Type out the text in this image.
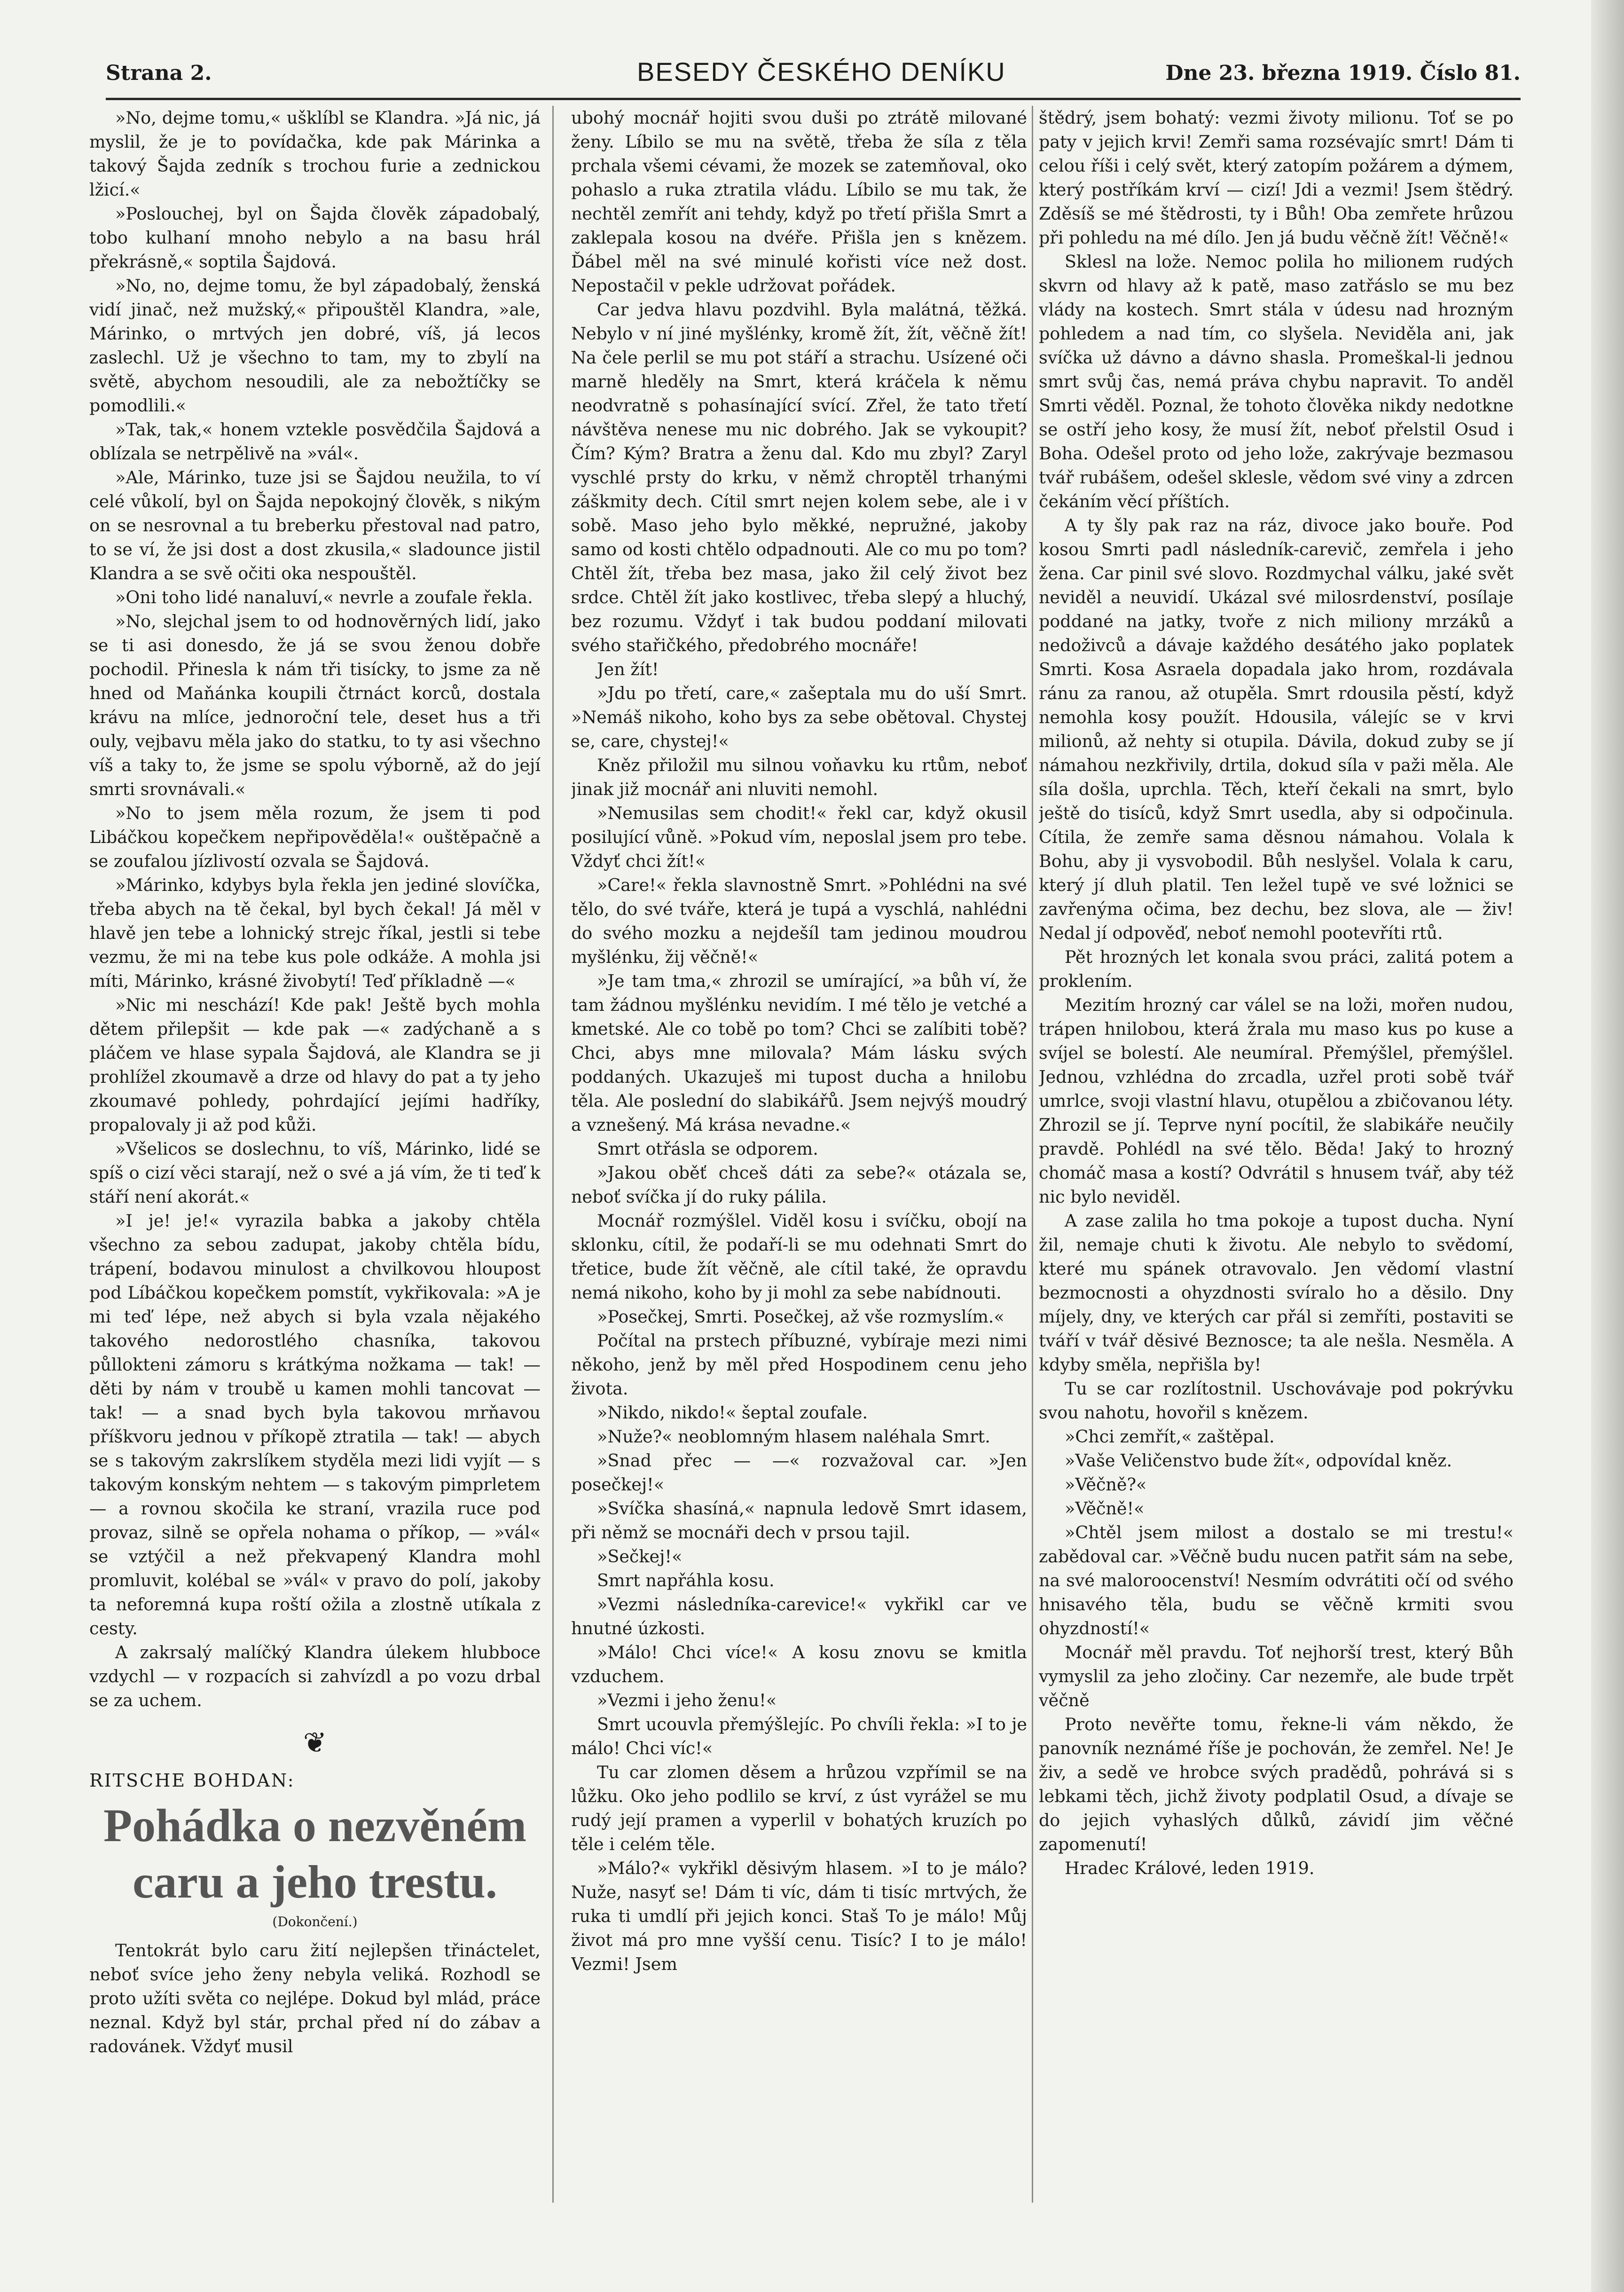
Strana 2.	BESEDY ČESKÉHO DENÍKU	Dne 23. března 1919. Číslo 81.

»No, dejme tomu,« ušklíbl se Klandra. »Já nic, já myslil, že je to povídačka, kde pak Márinka a takový Šajda zedník s trochou furie a zednickou lžicí.«

»Poslouchej, byl on Šajda člověk západobalý, tobo kulhaní mnoho nebylo a na basu hrál překrásně,« soptila Šajdová.

»No, no, dejme tomu, že byl západobalý, ženská vidí jinač, než mužský,« připouštěl Klandra, »ale, Márinko, o mrtvých jen dobré, víš, já lecos zaslechl. Už je všechno to tam, my to zbylí na světě, abychom nesoudili, ale za nebožtíčky se pomodlili.«

»Tak, tak,« honem vztekle posvědčila Šajdová a oblízala se netrpělivě na »vál«.

»Ale, Márinko, tuze jsi se Šajdou neužila, to ví celé vůkolí, byl on Šajda nepokojný člověk, s nikým on se nesrovnal a tu breberku přestoval nad patro, to se ví, že jsi dost a dost zkusila,« sladounce jistil Klandra a se svě očiti oka nespouštěl.

»Oni toho lidé nanaluví,« nevrle a zoufale řekla.

»No, slejchal jsem to od hodnověrných lidí, jako se ti asi donesdo, že já se svou ženou dobře pochodil. Přinesla k nám tři tisícky, to jsme za ně hned od Maňánka koupili čtrnáct korců, dostala krávu na mlíce, jednoroční tele, deset hus a tři ouly, vejbavu měla jako do statku, to ty asi všechno víš a taky to, že jsme se spolu výborně, až do její smrti srovnávali.«

»No to jsem měla rozum, že jsem ti pod Libáčkou kopečkem nepřipověděla!« ouštěpačně a se zoufalou jízlivostí ozvala se Šajdová.

»Márinko, kdybys byla řekla jen jediné slovíčka, třeba abych na tě čekal, byl bych čekal! Já měl v hlavě jen tebe a lohnický strejc říkal, jestli si tebe vezmu, že mi na tebe kus pole odkáže. A mohla jsi míti, Márinko, krásné živobytí! Teď příkladně —«

»Nic mi neschází! Kde pak! Ještě bych mohla dětem přilepšit — kde pak —« zadýchaně a s pláčem ve hlase sypala Šajdová, ale Klandra se ji prohlížel zkoumavě a drze od hlavy do pat a ty jeho zkoumavé pohledy, pohrdající jejími hadříky, propalovaly ji až pod kůži.

»Všelicos se doslechnu, to víš, Márinko, lidé se spíš o cizí věci starají, než o své a já vím, že ti teď k stáří není akorát.«

»I je! je!« vyrazila babka a jakoby chtěla všechno za sebou zadupat, jakoby chtěla bídu, trápení, bodavou minulost a chvilkovou hloupost pod Líbáčkou kopečkem pomstít, vykřikovala: »A je mi teď lépe, než abych si byla vzala nějakého takového nedorostlého chasníka, takovou půllokteni zámoru s krátkýma nožkama — tak! — děti by nám v troubě u kamen mohli tancovat — tak! — a snad bych byla takovou mrňavou příškvoru jednou v příkopě ztratila — tak! — abych se s takovým zakrslíkem styděla mezi lidi vyjít — s takovým konským nehtem — s takovým pimprletem — a rovnou skočila ke straní, vrazila ruce pod provaz, silně se opřela nohama o příkop, — »vál« se vztýčil a než překvapený Klandra mohl promluvit, kolébal se »vál« v pravo do polí, jakoby ta neforemná kupa roští ožila a zlostně utíkala z cesty.

A zakrsalý malíčký Klandra úlekem hlubboce vzdychl — v rozpacích si zahvízdl a po vozu drbal se za uchem.

❦
RITSCHE BOHDAN:
Pohádka o nezvěném caru a jeho trestu.
(Dokončení.)

Tentokrát bylo caru žití nejlepšen třináctelet, neboť svíce jeho ženy nebyla veliká. Rozhodl se proto užíti světa co nejlépe. Dokud byl mlád, práce neznal. Když byl stár, prchal před ní do zábav a radovánek. Vždyť musil

ubohý mocnář hojiti svou duši po ztrátě milované ženy. Líbilo se mu na světě, třeba že síla z těla prchala všemi cévami, že mozek se zatemňoval, oko pohaslo a ruka ztratila vládu. Líbilo se mu tak, že nechtěl zemřít ani tehdy, když po třetí přišla Smrt a zaklepala kosou na dvéře. Přišla jen s knězem. Ďábel měl na své minulé kořisti více než dost. Nepostačil v pekle udržovat pořádek.

Car jedva hlavu pozdvihl. Byla malátná, těžká. Nebylo v ní jiné myšlénky, kromě žít, žít, věčně žít! Na čele perlil se mu pot stáří a strachu. Usízené oči marně hleděly na Smrt, která kráčela k němu neodvratně s pohasínající svící. Zřel, že tato třetí návštěva nenese mu nic dobrého. Jak se vykoupit? Čím? Kým? Bratra a ženu dal. Kdo mu zbyl? Zaryl vyschlé prsty do krku, v němž chroptěl trhanými záškmity dech. Cítil smrt nejen kolem sebe, ale i v sobě. Maso jeho bylo měkké, nepružné, jakoby samo od kosti chtělo odpadnouti. Ale co mu po tom? Chtěl žít, třeba bez masa, jako žil celý život bez srdce. Chtěl žít jako kostlivec, třeba slepý a hluchý, bez rozumu. Vždyť i tak budou poddaní milovati svého stařičkého, předobrého mocnáře!

Jen žít!

»Jdu po třetí, care,« zašeptala mu do uší Smrt. »Nemáš nikoho, koho bys za sebe obětoval. Chystej se, care, chystej!«

Kněz přiložil mu silnou voňavku ku rtům, neboť jinak již mocnář ani nluviti nemohl.

»Nemusilas sem chodit!« řekl car, když okusil posilující vůně. »Pokud vím, neposlal jsem pro tebe. Vždyť chci žít!«

»Care!« řekla slavnostně Smrt. »Pohlédni na své tělo, do své tváře, která je tupá a vyschlá, nahlédni do svého mozku a nejdešíl tam jedinou moudrou myšlénku, žij věčně!«

»Je tam tma,« zhrozil se umírající, »a bůh ví, že tam žádnou myšlénku nevidím. I mé tělo je vetché a kmetské. Ale co tobě po tom? Chci se zalíbiti tobě? Chci, abys mne milovala? Mám lásku svých poddaných. Ukazuješ mi tupost ducha a hnilobu těla. Ale poslední do slabikářů. Jsem nejvýš moudrý a vznešený. Má krása nevadne.«

Smrt otřásla se odporem.

»Jakou oběť chceš dáti za sebe?« otázala se, neboť svíčka jí do ruky pálila.

Mocnář rozmýšlel. Viděl kosu i svíčku, obojí na sklonku, cítil, že podaří-li se mu odehnati Smrt do třetice, bude žít věčně, ale cítil také, že opravdu nemá nikoho, koho by ji mohl za sebe nabídnouti.

»Posečkej, Smrti. Posečkej, až vše rozmyslím.«

Počítal na prstech příbuzné, vybíraje mezi nimi někoho, jenž by měl před Hospodinem cenu jeho života.

»Nikdo, nikdo!« šeptal zoufale.

»Nuže?« neoblomným hlasem naléhala Smrt.

»Snad přec — —« rozvažoval car. »Jen posečkej!«

»Svíčka shasíná,« napnula ledově Smrt idasem, při němž se mocnáři dech v prsou tajil.

»Sečkej!«

Smrt napřáhla kosu.

»Vezmi následníka-carevice!« vykřikl car ve hnutné úzkosti.

»Málo! Chci více!« A kosu znovu se kmitla vzduchem.

»Vezmi i jeho ženu!«

Smrt ucouvla přemýšlejíc. Po chvíli řekla: »I to je málo! Chci víc!«

Tu car zlomen děsem a hrůzou vzpřímil se na lůžku. Oko jeho podlilo se krví, z úst vyrážel se mu rudý její pramen a vyperlil v bohatých kruzích po těle i celém těle.

»Málo?« vykřikl děsivým hlasem. »I to je málo? Nuže, nasyť se! Dám ti víc, dám ti tisíc mrtvých, že ruka ti umdlí při jejich konci. Staš To je málo! Můj život má pro mne vyšší cenu. Tisíc? I to je málo! Vezmi! Jsem

štědrý, jsem bohatý: vezmi životy milionu. Toť se po paty v jejich krvi! Zemři sama rozsévajíc smrt! Dám ti celou říši i celý svět, který zatopím požárem a dýmem, který postříkám krví — cizí! Jdi a vezmi! Jsem štědrý. Zděsíš se mé štědrosti, ty i Bůh! Oba zemřete hrůzou při pohledu na mé dílo. Jen já budu věčně žít! Věčně!«

Sklesl na lože. Nemoc polila ho milionem rudých skvrn od hlavy až k patě, maso zatřáslo se mu bez vlády na kostech. Smrt stála v údesu nad hrozným pohledem a nad tím, co slyšela. Neviděla ani, jak svíčka už dávno a dávno shasla. Promeškal-li jednou smrt svůj čas, nemá práva chybu napravit. To anděl Smrti věděl. Poznal, že tohoto člověka nikdy nedotkne se ostří jeho kosy, že musí žít, neboť přelstil Osud i Boha. Odešel proto od jeho lože, zakrývaje bezmasou tvář rubášem, odešel sklesle, vědom své viny a zdrcen čekáním věcí příštích.

A ty šly pak raz na ráz, divoce jako bouře. Pod kosou Smrti padl následník-carevič, zemřela i jeho žena. Car pinil své slovo. Rozdmychal válku, jaké svět neviděl a neuvidí. Ukázal své milosrdenství, posílaje poddané na jatky, tvoře z nich miliony mrzáků a nedoživců a dávaje každého desátého jako poplatek Smrti. Kosa Asraela dopadala jako hrom, rozdávala ránu za ranou, až otupěla. Smrt rdousila pěstí, když nemohla kosy použít. Hdousila, válejíc se v krvi milionů, až nehty si otupila. Dávila, dokud zuby se jí námahou nezkřivily, drtila, dokud síla v paži měla. Ale síla došla, uprchla. Těch, kteří čekali na smrt, bylo ještě do tisíců, když Smrt usedla, aby si odpočinula. Cítila, že zemře sama děsnou námahou. Volala k Bohu, aby ji vysvobodil. Bůh neslyšel. Volala k caru, který jí dluh platil. Ten ležel tupě ve své ložnici se zavřenýma očima, bez dechu, bez slova, ale — živ! Nedal jí odpověď, neboť nemohl pootevříti rtů.

Pět hrozných let konala svou práci, zalitá potem a proklením.

Mezitím hrozný car válel se na loži, mořen nudou, trápen hnilobou, která žrala mu maso kus po kuse a svíjel se bolestí. Ale neumíral. Přemýšlel, přemýšlel. Jednou, vzhlédna do zrcadla, uzřel proti sobě tvář umrlce, svoji vlastní hlavu, otupělou a zbičovanou léty. Zhrozil se jí. Teprve nyní pocítil, že slabikáře neučily pravdě. Pohlédl na své tělo. Běda! Jaký to hrozný chomáč masa a kostí? Odvrátil s hnusem tvář, aby též nic bylo neviděl.

A zase zalila ho tma pokoje a tupost ducha. Nyní žil, nemaje chuti k životu. Ale nebylo to svědomí, které mu spánek otravovalo. Jen vědomí vlastní bezmocnosti a ohyzdnosti svíralo ho a děsilo. Dny míjely, dny, ve kterých car přál si zemříti, postaviti se tváří v tvář děsivé Beznosce; ta ale nešla. Nesměla. A kdyby směla, nepřišla by!

Tu se car rozlítostnil. Uschovávaje pod pokrývku svou nahotu, hovořil s knězem.

»Chci zemřít,« zaštěpal.

»Vaše Veličenstvo bude žít«, odpovídal kněz.

»Věčně?«

»Věčně!«

»Chtěl jsem milost a dostalo se mi trestu!« zabědoval car. »Věčně budu nucen patřit sám na sebe, na své maloroocenství! Nesmím odvrátiti očí od svého hnisavého těla, budu se věčně krmiti svou ohyzdností!«

Mocnář měl pravdu. Toť nejhorší trest, který Bůh vymyslil za jeho zločiny. Car nezemře, ale bude trpět věčně

Proto nevěřte tomu, řekne-li vám někdo, že panovník neznámé říše je pochován, že zemřel. Ne! Je živ, a sedě ve hrobce svých pradědů, pohrává si s lebkami těch, jichž životy podplatil Osud, a dívaje se do jejich vyhaslých důlků, závidí jim věčné zapomenutí!

Hradec Králové, leden 1919.
